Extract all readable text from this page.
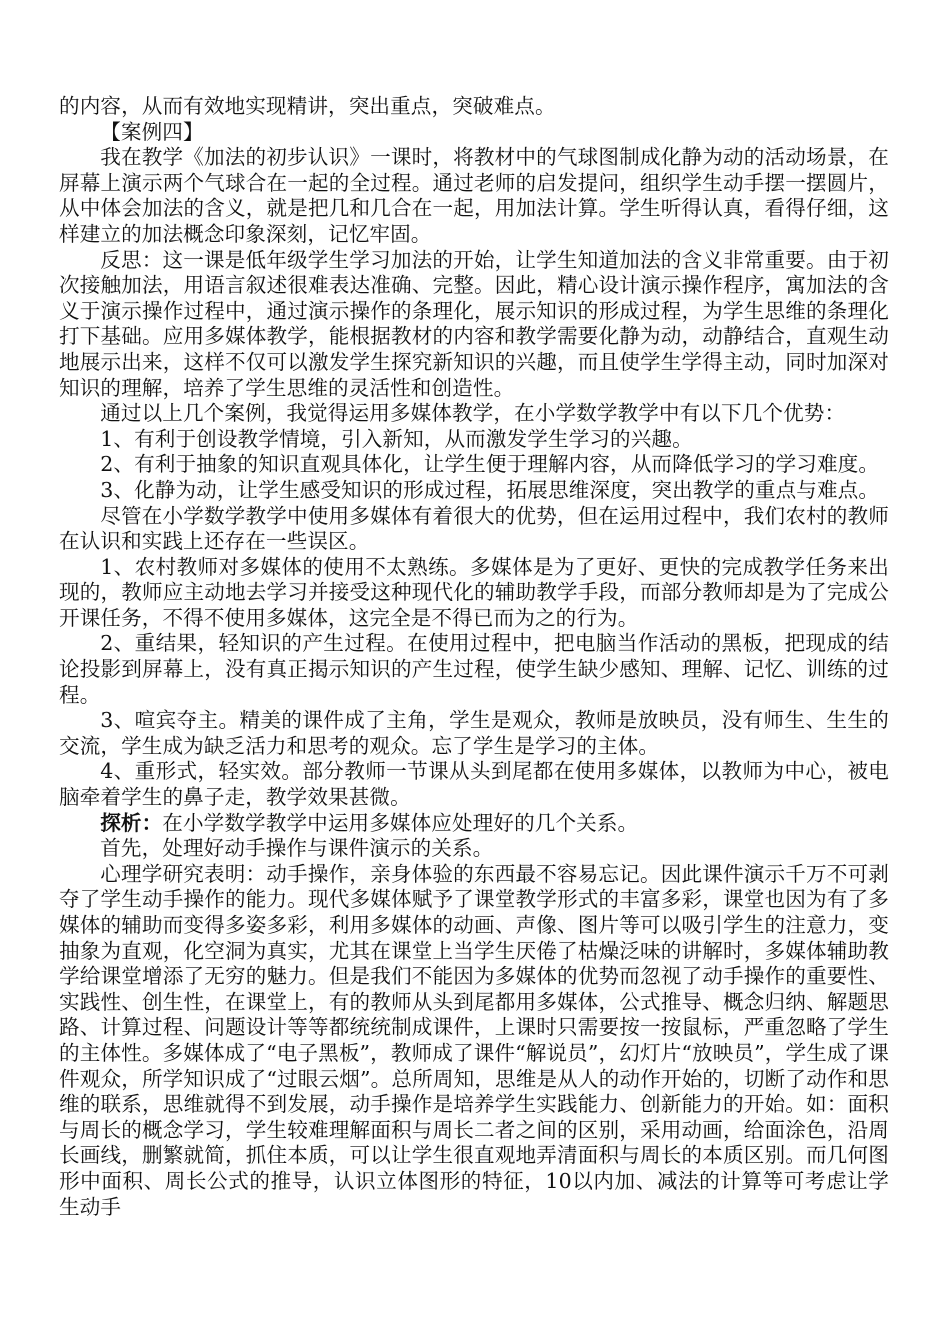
的内容，从而有效地实现精讲，突出重点，突破难点。

【案例四】

我在教学《加法的初步认识》一课时，将教材中的气球图制成化静为动的活动场景，在屏幕上演示两个气球合在一起的全过程。通过老师的启发提问，组织学生动手摆一摆圆片，从中体会加法的含义，就是把几和几合在一起，用加法计算。学生听得认真，看得仔细，这样建立的加法概念印象深刻，记忆牢固。

反思：这一课是低年级学生学习加法的开始，让学生知道加法的含义非常重要。由于初次接触加法，用语言叙述很难表达准确、完整。因此，精心设计演示操作程序，寓加法的含义于演示操作过程中，通过演示操作的条理化，展示知识的形成过程，为学生思维的条理化打下基础。应用多媒体教学，能根据教材的内容和教学需要化静为动，动静结合，直观生动地展示出来，这样不仅可以激发学生探究新知识的兴趣，而且使学生学得主动，同时加深对知识的理解，培养了学生思维的灵活性和创造性。

通过以上几个案例，我觉得运用多媒体教学，在小学数学教学中有以下几个优势：

1、有利于创设教学情境，引入新知，从而激发学生学习的兴趣。

2、有利于抽象的知识直观具体化，让学生便于理解内容，从而降低学习的学习难度。

3、化静为动，让学生感受知识的形成过程，拓展思维深度，突出教学的重点与难点。

尽管在小学数学教学中使用多媒体有着很大的优势，但在运用过程中，我们农村的教师在认识和实践上还存在一些误区。

1、农村教师对多媒体的使用不太熟练。多媒体是为了更好、更快的完成教学任务来出现的，教师应主动地去学习并接受这种现代化的辅助教学手段，而部分教师却是为了完成公开课任务，不得不使用多媒体，这完全是不得已而为之的行为。

2、重结果，轻知识的产生过程。在使用过程中，把电脑当作活动的黑板，把现成的结论投影到屏幕上，没有真正揭示知识的产生过程，使学生缺少感知、理解、记忆、训练的过程。

3、喧宾夺主。精美的课件成了主角，学生是观众，教师是放映员，没有师生、生生的交流，学生成为缺乏活力和思考的观众。忘了学生是学习的主体。

4、重形式，轻实效。部分教师一节课从头到尾都在使用多媒体，以教师为中心，被电脑牵着学生的鼻子走，教学效果甚微。

探析：在小学数学教学中运用多媒体应处理好的几个关系。

首先，处理好动手操作与课件演示的关系。

心理学研究表明：动手操作，亲身体验的东西最不容易忘记。因此课件演示千万不可剥夺了学生动手操作的能力。现代多媒体赋予了课堂教学形式的丰富多彩，课堂也因为有了多媒体的辅助而变得多姿多彩，利用多媒体的动画、声像、图片等可以吸引学生的注意力，变抽象为直观，化空洞为真实，尤其在课堂上当学生厌倦了枯燥泛味的讲解时，多媒体辅助教学给课堂增添了无穷的魅力。但是我们不能因为多媒体的优势而忽视了动手操作的重要性、实践性、创生性，在课堂上，有的教师从头到尾都用多媒体，公式推导、概念归纳、解题思路、计算过程、问题设计等等都统统制成课件，上课时只需要按一按鼠标，严重忽略了学生的主体性。多媒体成了“电子黑板”，教师成了课件“解说员”，幻灯片“放映员”，学生成了课件观众，所学知识成了“过眼云烟”。总所周知，思维是从人的动作开始的，切断了动作和思维的联系，思维就得不到发展，动手操作是培养学生实践能力、创新能力的开始。如：面积与周长的概念学习，学生较难理解面积与周长二者之间的区别，采用动画，给面涂色，沿周长画线，删繁就简，抓住本质，可以让学生很直观地弄清面积与周长的本质区别。而几何图形中面积、周长公式的推导，认识立体图形的特征，10以内加、减法的计算等可考虑让学生动手
